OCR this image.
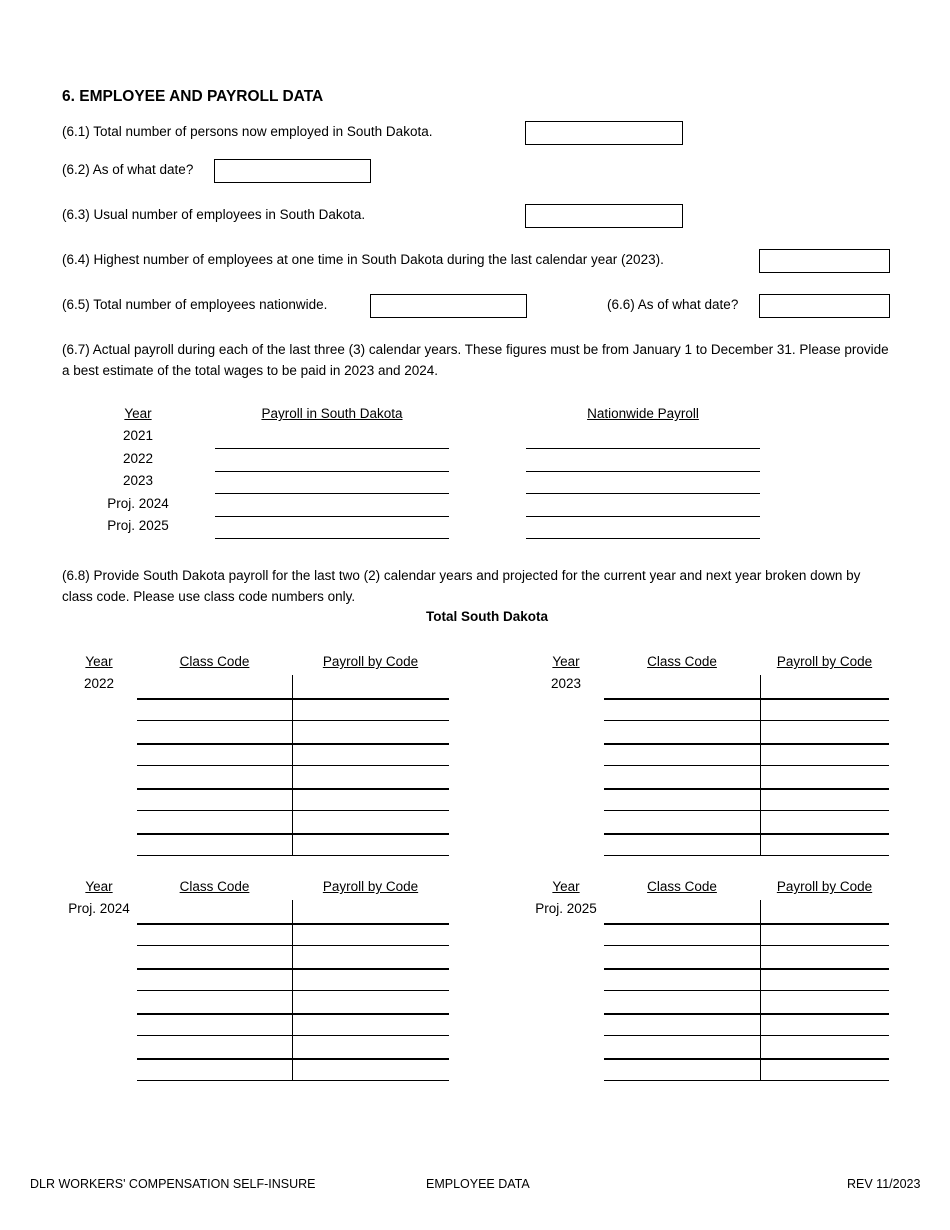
6. EMPLOYEE AND PAYROLL DATA
(6.1) Total number of persons now employed in South Dakota.
(6.2) As of what date?
(6.3) Usual number of employees in South Dakota.
(6.4) Highest number of employees at one time in South Dakota during the last calendar year (2023).
(6.5) Total number of employees nationwide.	(6.6) As of what date?
(6.7) Actual payroll during each of the last three (3) calendar years. These figures must be from January 1 to December 31. Please provide a best estimate of the total wages to be paid in 2023 and 2024.
Year	Payroll in South Dakota	Nationwide Payroll
2021
2022
2023
Proj. 2024
Proj. 2025
(6.8) Provide South Dakota payroll for the last two (2) calendar years and projected for the current year and next year broken down by class code. Please use class code numbers only.
Total South Dakota
Year	Class Code	Payroll by Code
2022
Year	Class Code	Payroll by Code
2023
Year	Class Code	Payroll by Code
Proj. 2024
Year	Class Code	Payroll by Code
Proj. 2025
DLR WORKERS' COMPENSATION SELF-INSURE	EMPLOYEE DATA	REV 11/2023
